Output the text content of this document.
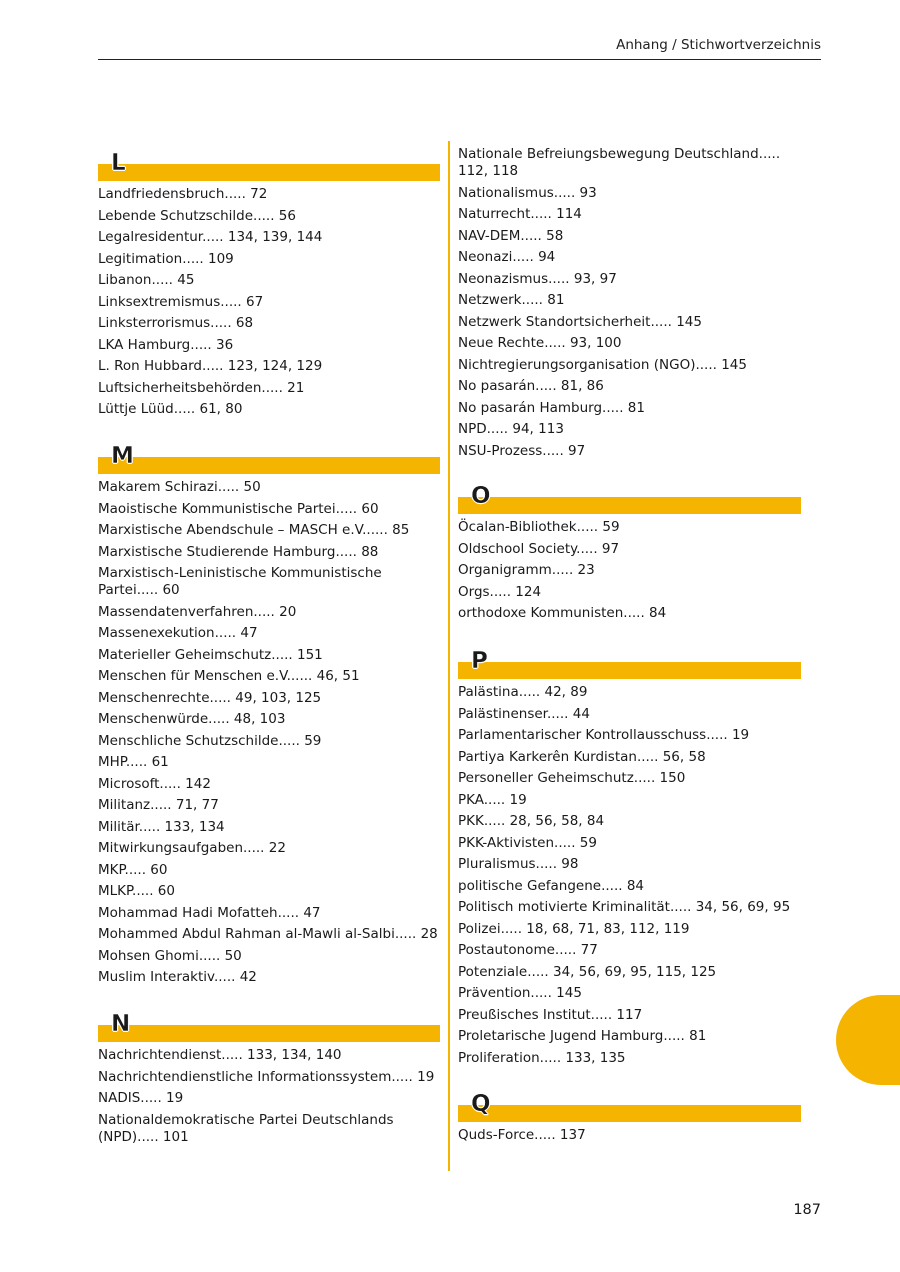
Anhang / Stichwortverzeichnis
L
Landfriedensbruch..... 72
Lebende Schutzschilde..... 56
Legalresidentur..... 134, 139, 144
Legitimation..... 109
Libanon..... 45
Linksextremismus..... 67
Linksterrorismus..... 68
LKA Hamburg..... 36
L. Ron Hubbard..... 123, 124, 129
Luftsicherheitsbehörden..... 21
Lüttje Lüüd..... 61, 80
M
Makarem Schirazi..... 50
Maoistische Kommunistische Partei..... 60
Marxistische Abendschule – MASCH e.V...... 85
Marxistische Studierende Hamburg..... 88
Marxistisch-Leninistische Kommunistische Partei..... 60
Massendatenverfahren..... 20
Massenexekution..... 47
Materieller Geheimschutz..... 151
Menschen für Menschen e.V...... 46, 51
Menschenrechte..... 49, 103, 125
Menschenwürde..... 48, 103
Menschliche Schutzschilde..... 59
MHP..... 61
Microsoft..... 142
Militanz..... 71, 77
Militär..... 133, 134
Mitwirkungsaufgaben..... 22
MKP..... 60
MLKP..... 60
Mohammad Hadi Mofatteh..... 47
Mohammed Abdul Rahman al-Mawli al-Salbi..... 28
Mohsen Ghomi..... 50
Muslim Interaktiv..... 42
N
Nachrichtendienst..... 133, 134, 140
Nachrichtendienstliche Informationssystem..... 19
NADIS..... 19
Nationaldemokratische Partei Deutschlands (NPD)..... 101
Nationale Befreiungsbewegung Deutschland..... 112, 118
Nationalismus..... 93
Naturrecht..... 114
NAV-DEM..... 58
Neonazi..... 94
Neonazismus..... 93, 97
Netzwerk..... 81
Netzwerk Standortsicherheit..... 145
Neue Rechte..... 93, 100
Nichtregierungsorganisation (NGO)..... 145
No pasarán..... 81, 86
No pasarán Hamburg..... 81
NPD..... 94, 113
NSU-Prozess..... 97
O
Öcalan-Bibliothek..... 59
Oldschool Society..... 97
Organigramm..... 23
Orgs..... 124
orthodoxe Kommunisten..... 84
P
Palästina..... 42, 89
Palästinenser..... 44
Parlamentarischer Kontrollausschuss..... 19
Partiya Karkerên Kurdistan..... 56, 58
Personeller Geheimschutz..... 150
PKA..... 19
PKK..... 28, 56, 58, 84
PKK-Aktivisten..... 59
Pluralismus..... 98
politische Gefangene..... 84
Politisch motivierte Kriminalität..... 34, 56, 69, 95
Polizei..... 18, 68, 71, 83, 112, 119
Postautonome..... 77
Potenziale..... 34, 56, 69, 95, 115, 125
Prävention..... 145
Preußisches Institut..... 117
Proletarische Jugend Hamburg..... 81
Proliferation..... 133, 135
Q
Quds-Force..... 137
187
